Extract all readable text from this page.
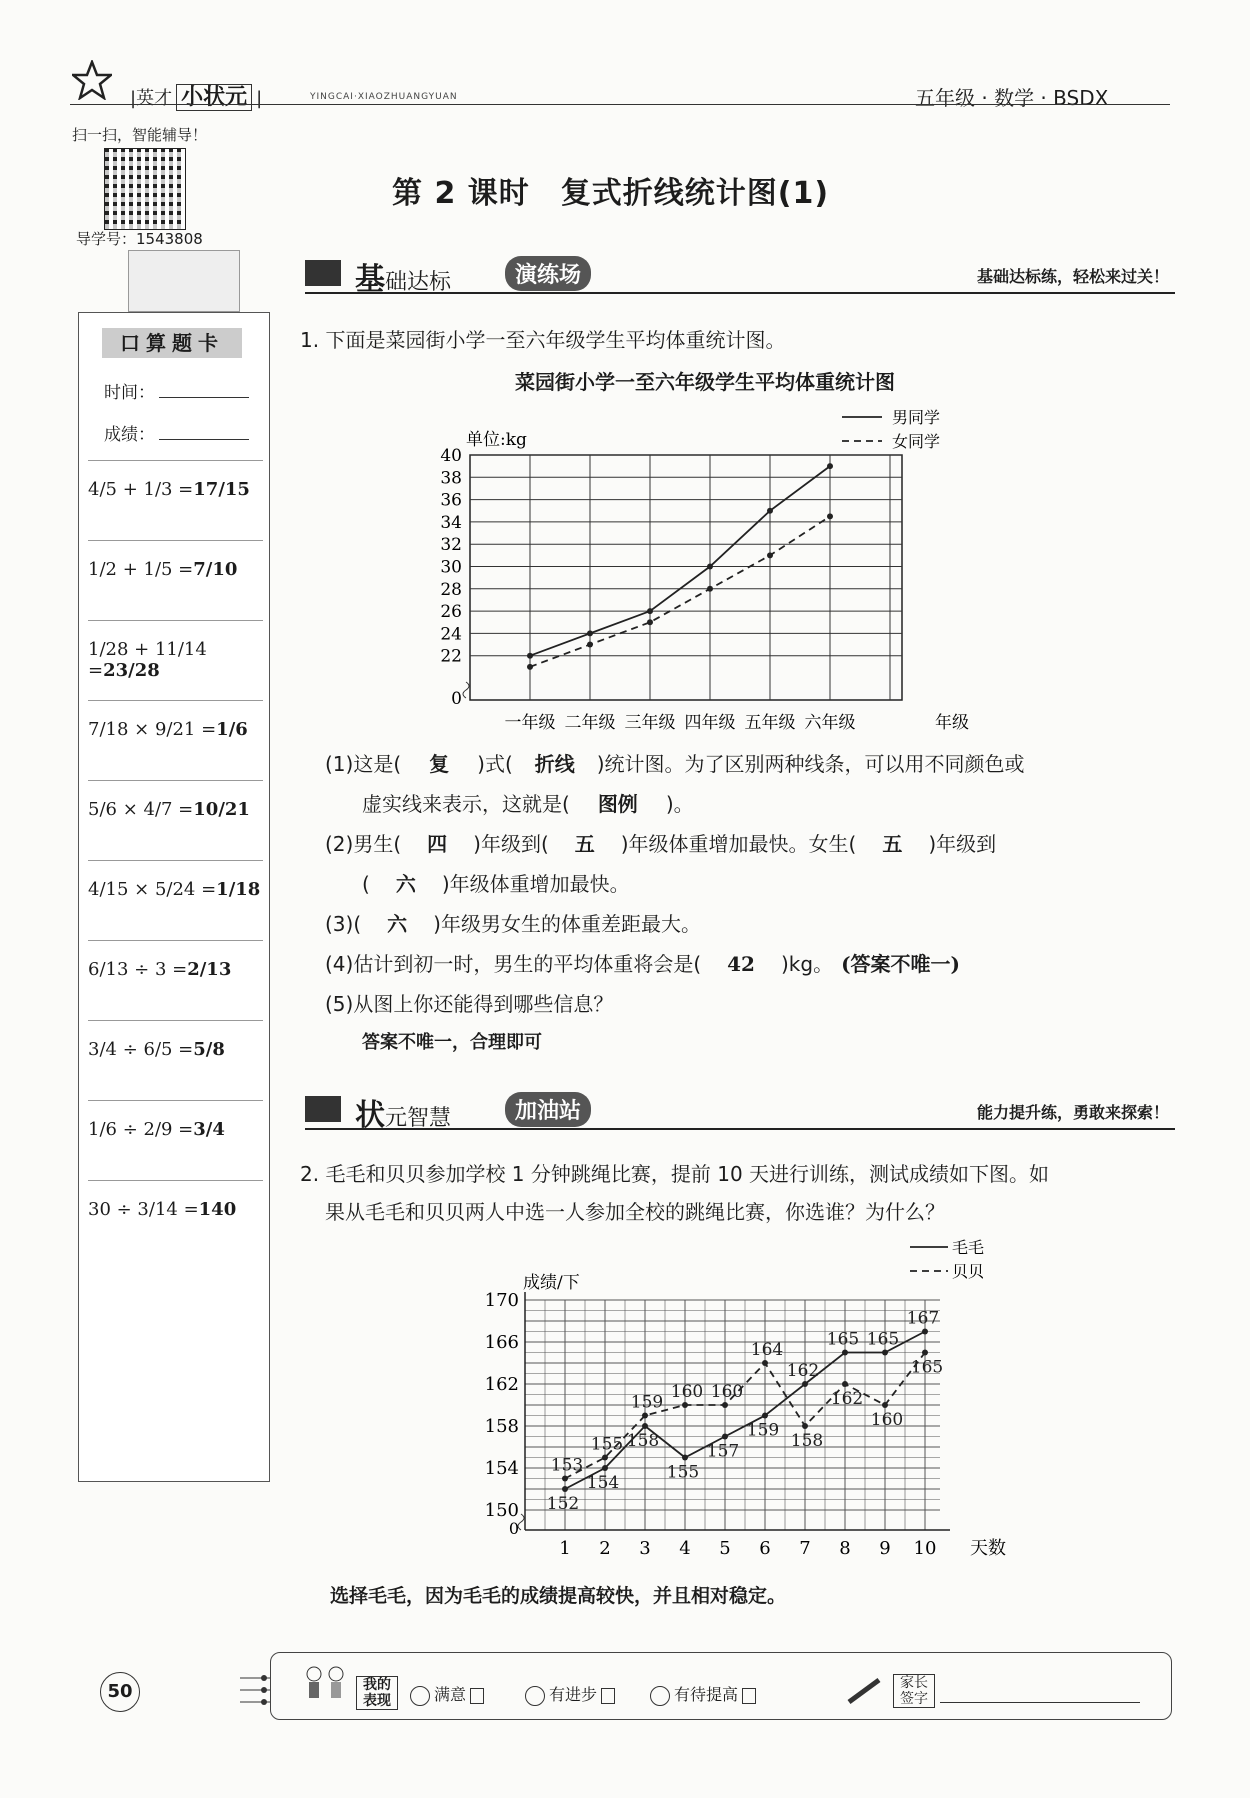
|英才 小状元 |	YINGCAI·XIAOZHUANGYUAN	五年级 · 数学 · BSDX
扫一扫，智能辅导！
导学号：1543808
口算题卡
时间：
成绩：
4/5 + 1/3 =17/15
1/2 + 1/5 =7/10
1/28 + 11/14 =23/28
7/18 × 9/21 =1/6
5/6 × 4/7 =10/21
4/15 × 5/24 =1/18
6/13 ÷ 3 =2/13
3/4 ÷ 6/5 =5/8
1/6 ÷ 2/9 =3/4
30 ÷ 3/14 =140
第 2 课时　复式折线统计图(1)
基础达标	演练场	基础达标练，轻松来过关！
1. 下面是菜园街小学一至六年级学生平均体重统计图。
菜园街小学一至六年级学生平均体重统计图
22
24
26
28
30
32
34
36
38
40
0
单位:kg
一年级 二年级 三年级 四年级 五年级 六年级	年级
男同学
女同学
(1)这是( 复 )式( 折线 )统计图。为了区别两种线条，可以用不同颜色或
虚实线来表示，这就是( 图例 )。
(2)男生( 四 )年级到( 五 )年级体重增加最快。女生( 五 )年级到
( 六 )年级体重增加最快。
(3)( 六 )年级男女生的体重差距最大。
(4)估计到初一时，男生的平均体重将会是( 42 )kg。 (答案不唯一)
(5)从图上你还能得到哪些信息？
答案不唯一，合理即可
状元智慧	加油站	能力提升练，勇敢来探索！
2. 毛毛和贝贝参加学校 1 分钟跳绳比赛，提前 10 天进行训练，测试成绩如下图。如
果从毛毛和贝贝两人中选一人参加全校的跳绳比赛，你选谁？为什么？
154
158
162
166
170
150
0
成绩/下
1 2 3 4 5 6 7 8 9 10 天数
152
154
158
155
157
159
162
165 165
167
153
155
159
160 160
164
158
162
160
165
毛毛
贝贝
选择毛毛，因为毛毛的成绩提高较快，并且相对稳定。
50	我的表现	满意	有进步	有待提高
家长签字
